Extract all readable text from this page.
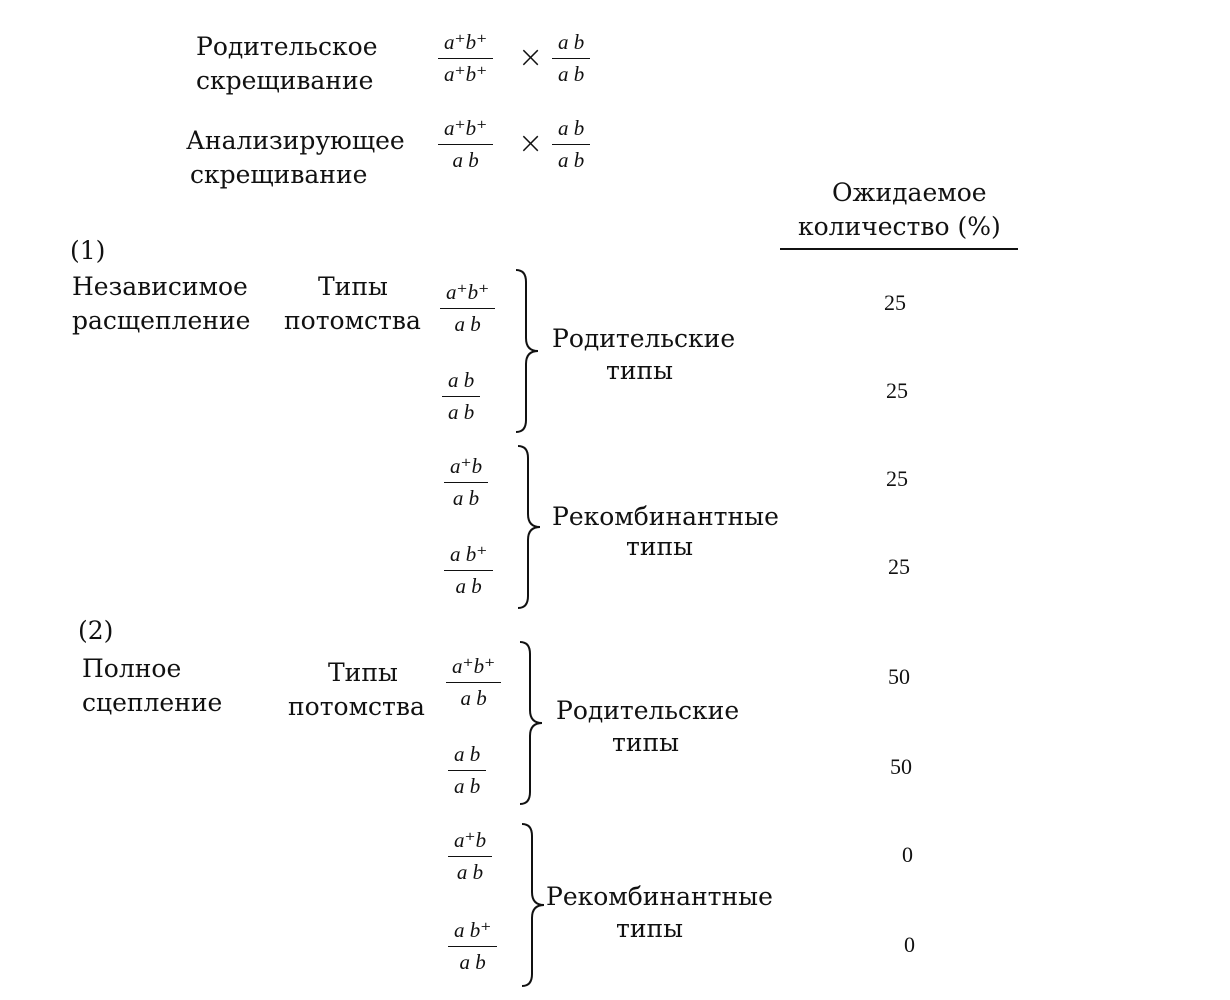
Родительское
скрещивание
a⁺b⁺
a⁺b⁺ × a b
a b
Анализирующее
скрещивание
a⁺b⁺
a b × a b
a b
Ожидаемое
количество (%)
(1)
Независимое
расщепление
Типы
потомства
a⁺b⁺
a b
a b
a b
Родительские
типы
25
25
a⁺b
a b
a b⁺
a b
Рекомбинантные
типы
25
25
(2)
Полное
сцепление
Типы
потомства
a⁺b⁺
a b
a b
a b
Родительские
типы
50
50
a⁺b
a b
a b⁺
a b
Рекомбинантные
типы
0
0
